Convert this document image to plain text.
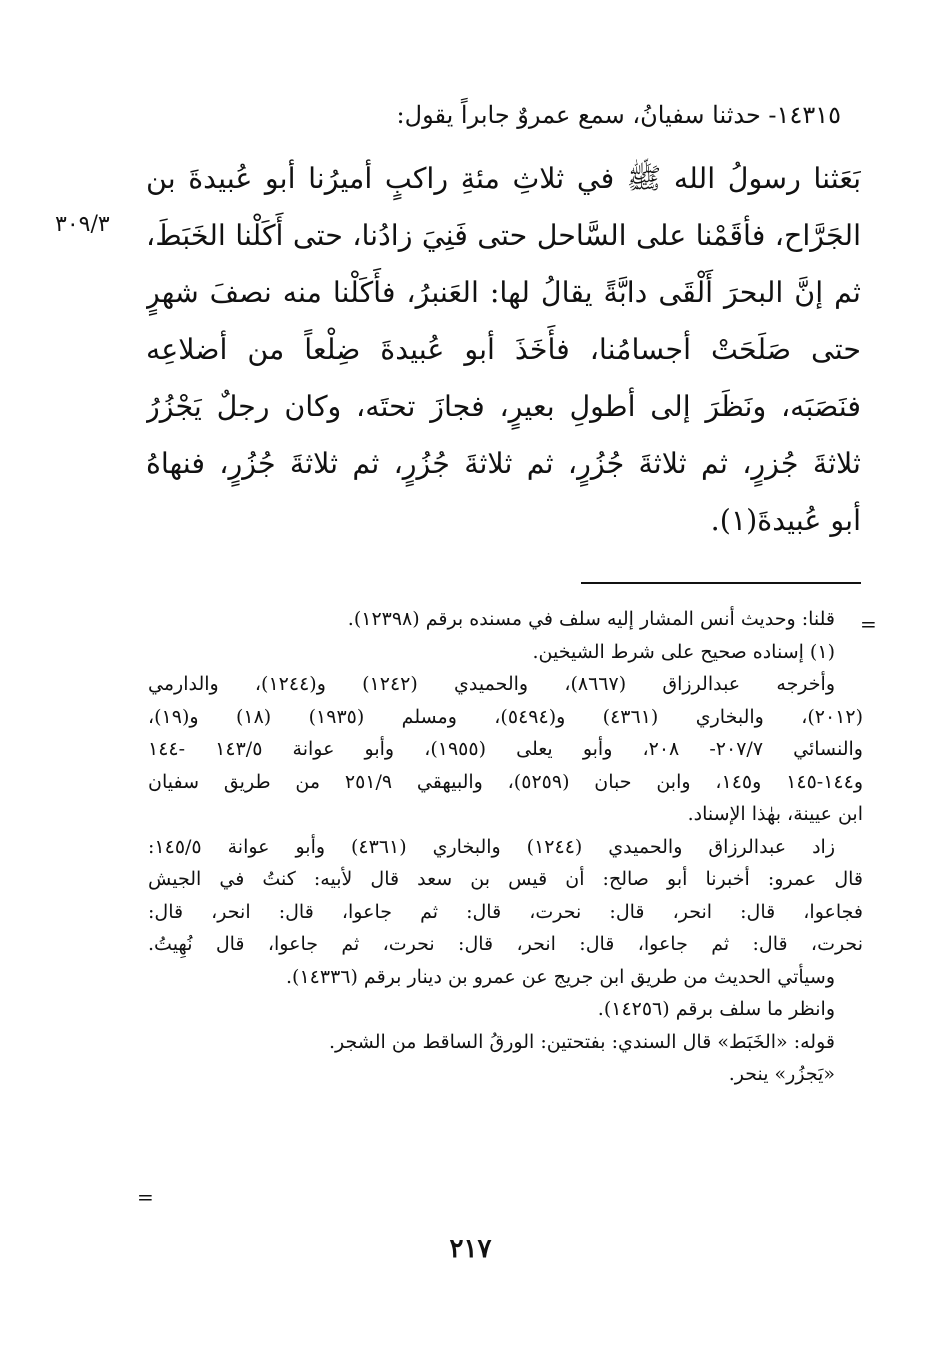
١٤٣١٥- حدثنا سفيانُ، سمع عمروٌ جابراً يقول:
بَعَثنا رسولُ الله ﷺ في ثلاثِ مئةِ راكبٍ أميرُنا أبو عُبيدةَ بن
الجَرَّاح، فأقَمْنا على السَّاحل حتى فَنِيَ زادُنا، حتى أَكَلْنا الخَبَطَ،
ثم إنَّ البحرَ أَلْقَى دابَّةً يقالُ لها: العَنبرُ، فأَكَلْنا منه نصفَ شهرٍ
حتى صَلَحَتْ أجسامُنا، فأَخَذَ أبو عُبيدةَ ضِلْعاً من أضلاعِه
فنَصَبَه، ونَظَرَ إلى أطولِ بعيرٍ، فجازَ تحتَه، وكان رجلٌ يَجْزُرُ
ثلاثةَ جُزرٍ، ثم ثلاثةَ جُزُرٍ، ثم ثلاثةَ جُزُرٍ، ثم ثلاثةَ جُزُرٍ، فنهاهُ
أبو عُبيدةَ(١).
٣٠٩/٣
=
قلنا: وحديث أنس المشار إليه سلف في مسنده برقم (١٢٣٩٨).
(١) إسناده صحيح على شرط الشيخين.
وأخرجه عبدالرزاق (٨٦٦٧)، والحميدي (١٢٤٢) و(١٢٤٤)، والدارمي
(٢٠١٢)، والبخاري (٤٣٦١) و(٥٤٩٤)، ومسلم (١٩٣٥) (١٨) و(١٩)،
والنسائي ٢٠٧/٧- ٢٠٨، وأبو يعلى (١٩٥٥)، وأبو عوانة ١٤٣/٥ -١٤٤
و١٤٤-١٤٥ و١٤٥، وابن حبان (٥٢٥٩)، والبيهقي ٢٥١/٩ من طريق سفيان
ابن عيينة، بهٰذا الإسناد.
زاد عبدالرزاق والحميدي (١٢٤٤) والبخاري (٤٣٦١) وأبو عوانة ١٤٥/٥:
قال عمرو: أخبرنا أبو صالح: أن قيس بن سعد قال لأبيه: كنتُ في الجيش
فجاعوا، قال: انحر، قال: نحرت، قال: ثم جاعوا، قال: انحر، قال:
نحرت، قال: ثم جاعوا، قال: انحر، قال: نحرت، ثم جاعوا، قال نُهِيتُ.
وسيأتي الحديث من طريق ابن جريج عن عمرو بن دينار برقم (١٤٣٣٦).
وانظر ما سلف برقم (١٤٢٥٦).
قوله: «الخَبَط» قال السندي: بفتحتين: الورقُ الساقط من الشجر.
«يَجزُر» ينحر.
=
٢١٧
